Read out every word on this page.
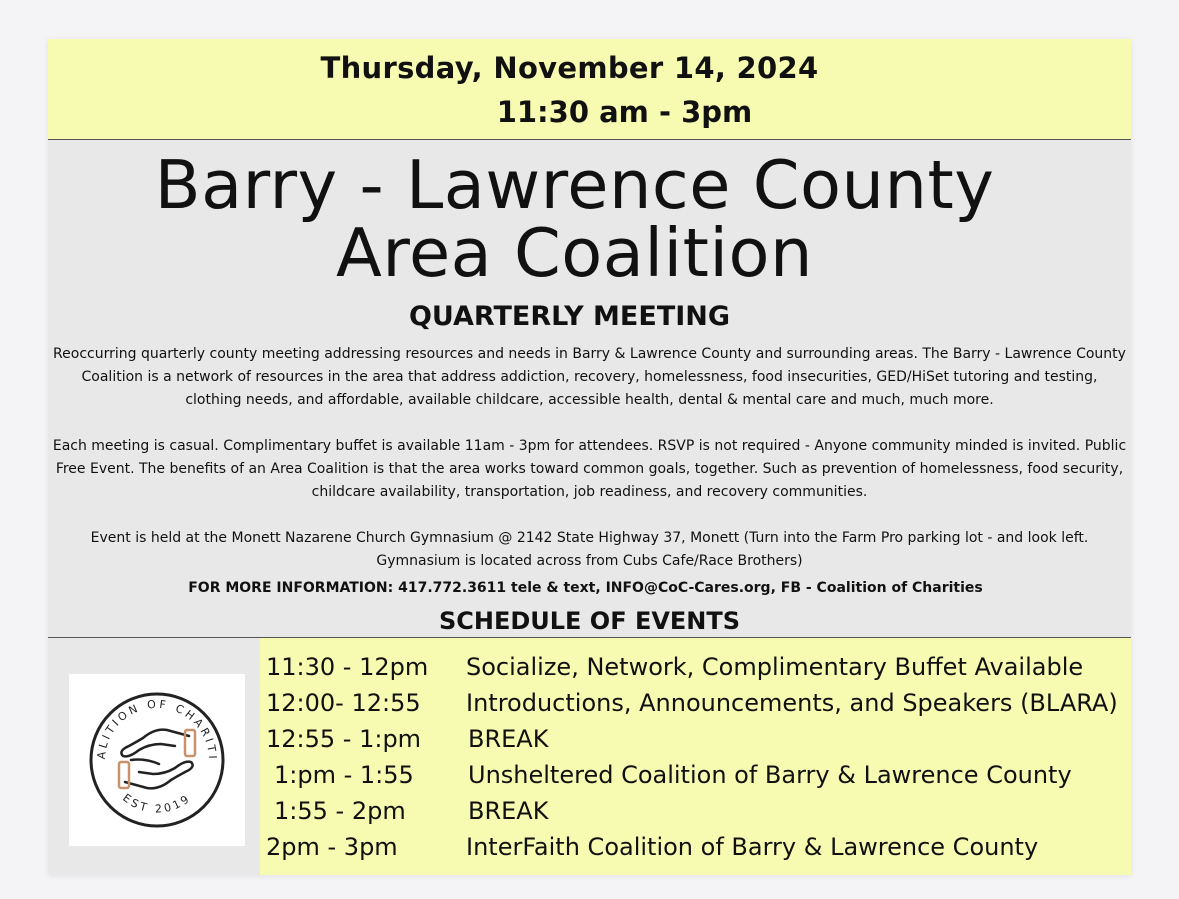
Thursday, November 14, 2024
11:30 am - 3pm
Barry - Lawrence County
Area Coalition
QUARTERLY MEETING
Reoccurring quarterly county meeting addressing resources and needs in Barry & Lawrence County and surrounding areas. The Barry - Lawrence County Coalition is a network of resources in the area that address addiction, recovery, homelessness, food insecurities, GED/HiSet tutoring and testing, clothing needs, and affordable, available childcare, accessible health, dental & mental care and much, much more.
Each meeting is casual. Complimentary buffet is available 11am - 3pm for attendees. RSVP is not required - Anyone community minded is invited. Public Free Event. The benefits of an Area Coalition is that the area works toward common goals, together. Such as prevention of homelessness, food security, childcare availability, transportation, job readiness, and recovery communities.
Event is held at the Monett Nazarene Church Gymnasium @ 2142 State Highway 37, Monett (Turn into the Farm Pro parking lot - and look left. Gymnasium is located across from Cubs Cafe/Race Brothers)
FOR MORE INFORMATION: 417.772.3611 tele & text, INFO@CoC-Cares.org, FB - Coalition of Charities
SCHEDULE OF EVENTS
ALITION OF CHARITI
EST 2019
11:30 - 12pm Socialize, Network, Complimentary Buffet Available
12:00- 12:55 Introductions, Announcements, and Speakers (BLARA)
12:55 - 1:pm BREAK
1:pm - 1:55 Unsheltered Coalition of Barry & Lawrence County
1:55 - 2pm	BREAK
2pm - 3pm	InterFaith Coalition of Barry & Lawrence County
